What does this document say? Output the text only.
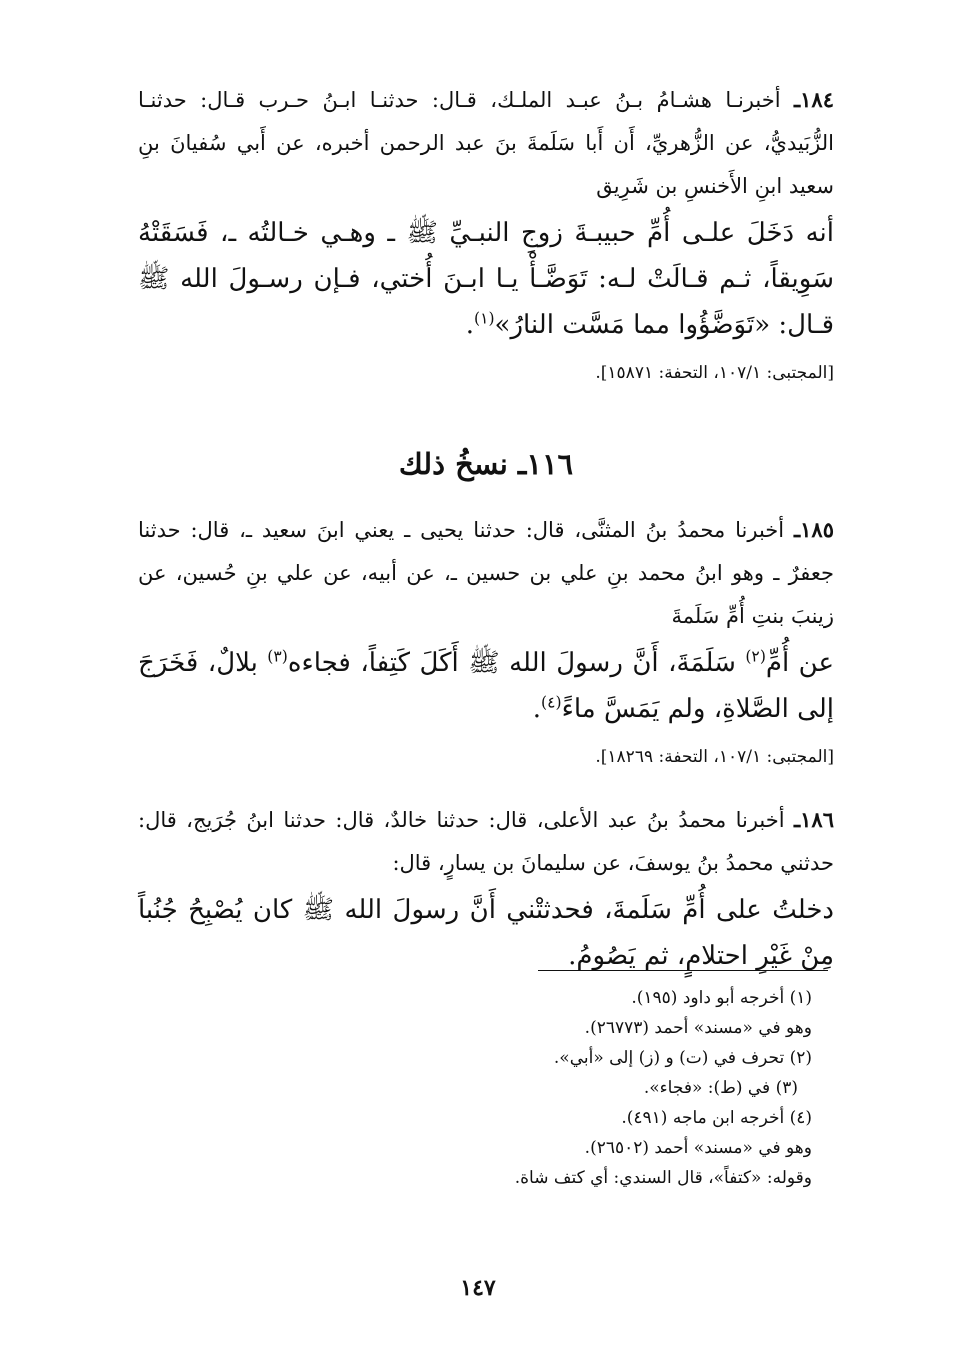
١٨٤ـ أخبرنـا هشـامُ بـنُ عبـد الملـك، قـال: حدثنـا ابـنُ حـرب قـال: حدثنـا الزُّبَيديُّ، عن الزُّهريِّ، أَن أَبا سَلَمةَ بنَ عبد الرحمن أخبره، عن أَبي سُفيانَ بنِ سعيد ابنِ الأَخنسِ بن شَرِيق

أنه دَخَلَ علـى أُمِّ حبيبـةَ زوجِ النبـيِّ ﷺ ـ وهـي خـالتُه ـ، فَسَقَتْهُ سَوِيقاً، ثـم قـالَتْ لـه: تَوَضَّـأْ يـا ابـنَ أُختي، فـإن رسـولَ الله ﷺ قـال: «تَوَضَّؤُوا مما مَسَّت النارُ»$^{(١)}$.

[المجتبى: ١٠٧/١، التحفة: ١٥٨٧١].

١١٦ـ نسخُ ذلك

١٨٥ـ أخبرنا محمدُ بنُ المثنَّى، قال: حدثنا يحيى ـ يعني ابنَ سعيد ـ، قال: حدثنا جعفرٌ ـ وهو ابنُ محمد بنِ علي بن حسين ـ، عن أبيه، عن علي بنِ حُسين، عن زينبَ بنتِ أُمِّ سَلَمةَ

عن أُمِّ$^{(٢)}$ سَلَمَةَ، أَنَّ رسولَ الله ﷺ أَكَلَ كَتِفاً، فجاءه$^{(٣)}$ بلالٌ، فَخَرَجَ إلى الصَّلاةِ، ولم يَمَسَّ ماءً$^{(٤)}$.

[المجتبى: ١٠٧/١، التحفة: ١٨٢٦٩].

١٨٦ـ أخبرنا محمدُ بنُ عبد الأعلى، قال: حدثنا خالدٌ، قال: حدثنا ابنُ جُرَيج، قال: حدثني محمدُ بنُ يوسفَ، عن سليمانَ بن يسارٍ، قال:

دخلتُ على أُمِّ سَلَمةَ، فحدثتْني أَنَّ رسولَ الله ﷺ كان يُصْبِحُ جُنُباً مِنْ غَيْرِ احتلامٍ، ثم يَصُومُ.

(١) أخرجه أبو داود (١٩٥).
وهو في «مسند» أحمد (٢٦٧٧٣).
(٢) تحرف في (ت) و (ز) إلى «أبي».
(٣) في (ط): «فجاء».
(٤) أخرجه ابن ماجه (٤٩١).
وهو في «مسند» أحمد (٢٦٥٠٢).
وقوله: «كتفاً»، قال السندي: أي كتف شاة.
١٤٧
